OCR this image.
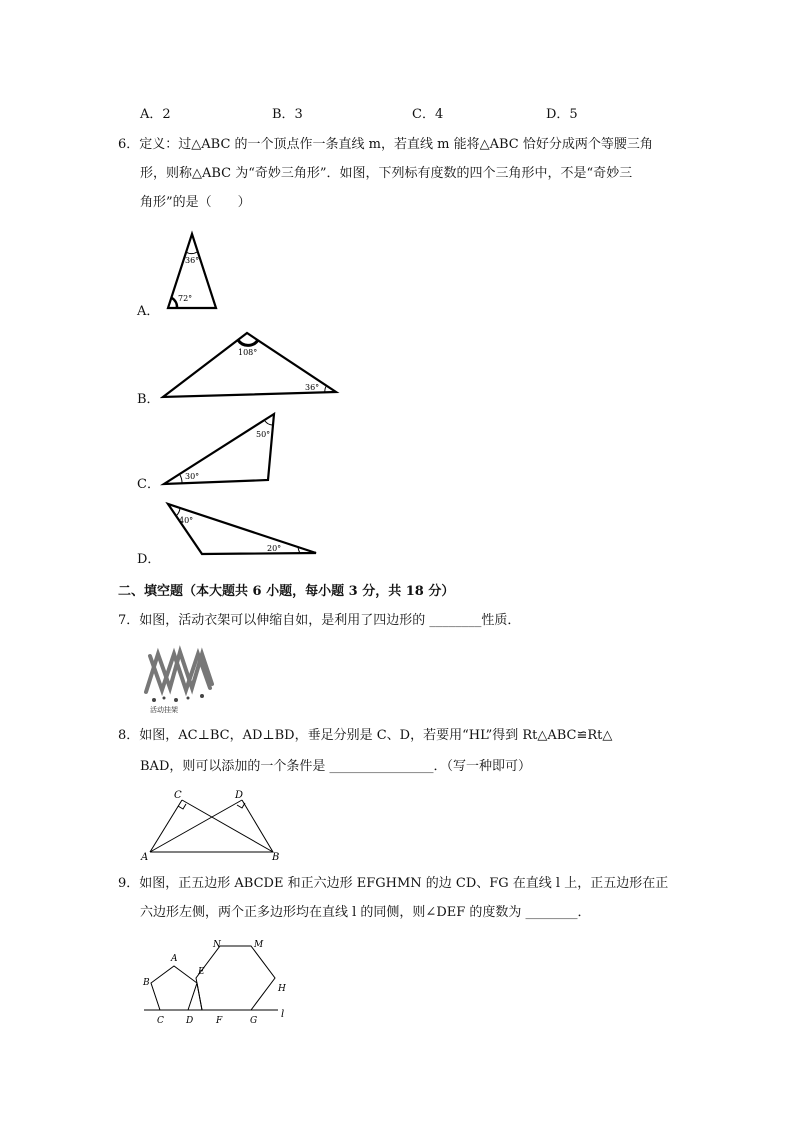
A．2	B．3	C．4	D．5
6．定义：过△ABC 的一个顶点作一条直线 m，若直线 m 能将△ABC 恰好分成两个等腰三角
形，则称△ABC 为“奇妙三角形”．如图，下列标有度数的四个三角形中，不是“奇妙三
角形”的是（　　）
A．
36°
72°
B．
108°
36°
C．
50°
30°
D．
40°
20°
二、填空题（本大题共 6 小题，每小题 3 分，共 18 分）
7．如图，活动衣架可以伸缩自如，是利用了四边形的 ________性质．
活动挂架
8．如图，AC⊥BC，AD⊥BD，垂足分别是 C、D，若要用“HL”得到 Rt△ABC≌Rt△
BAD，则可以添加的一个条件是 ________________．（写一种即可）
C	D
A	B
9．如图，正五边形 ABCDE 和正六边形 EFGHMN 的边 CD、FG 在直线 l 上，正五边形在正
六边形左侧，两个正多边形均在直线 l 的同侧，则∠DEF 的度数为 ________．
A
B
C D
E
F	G
H
M
N
l
